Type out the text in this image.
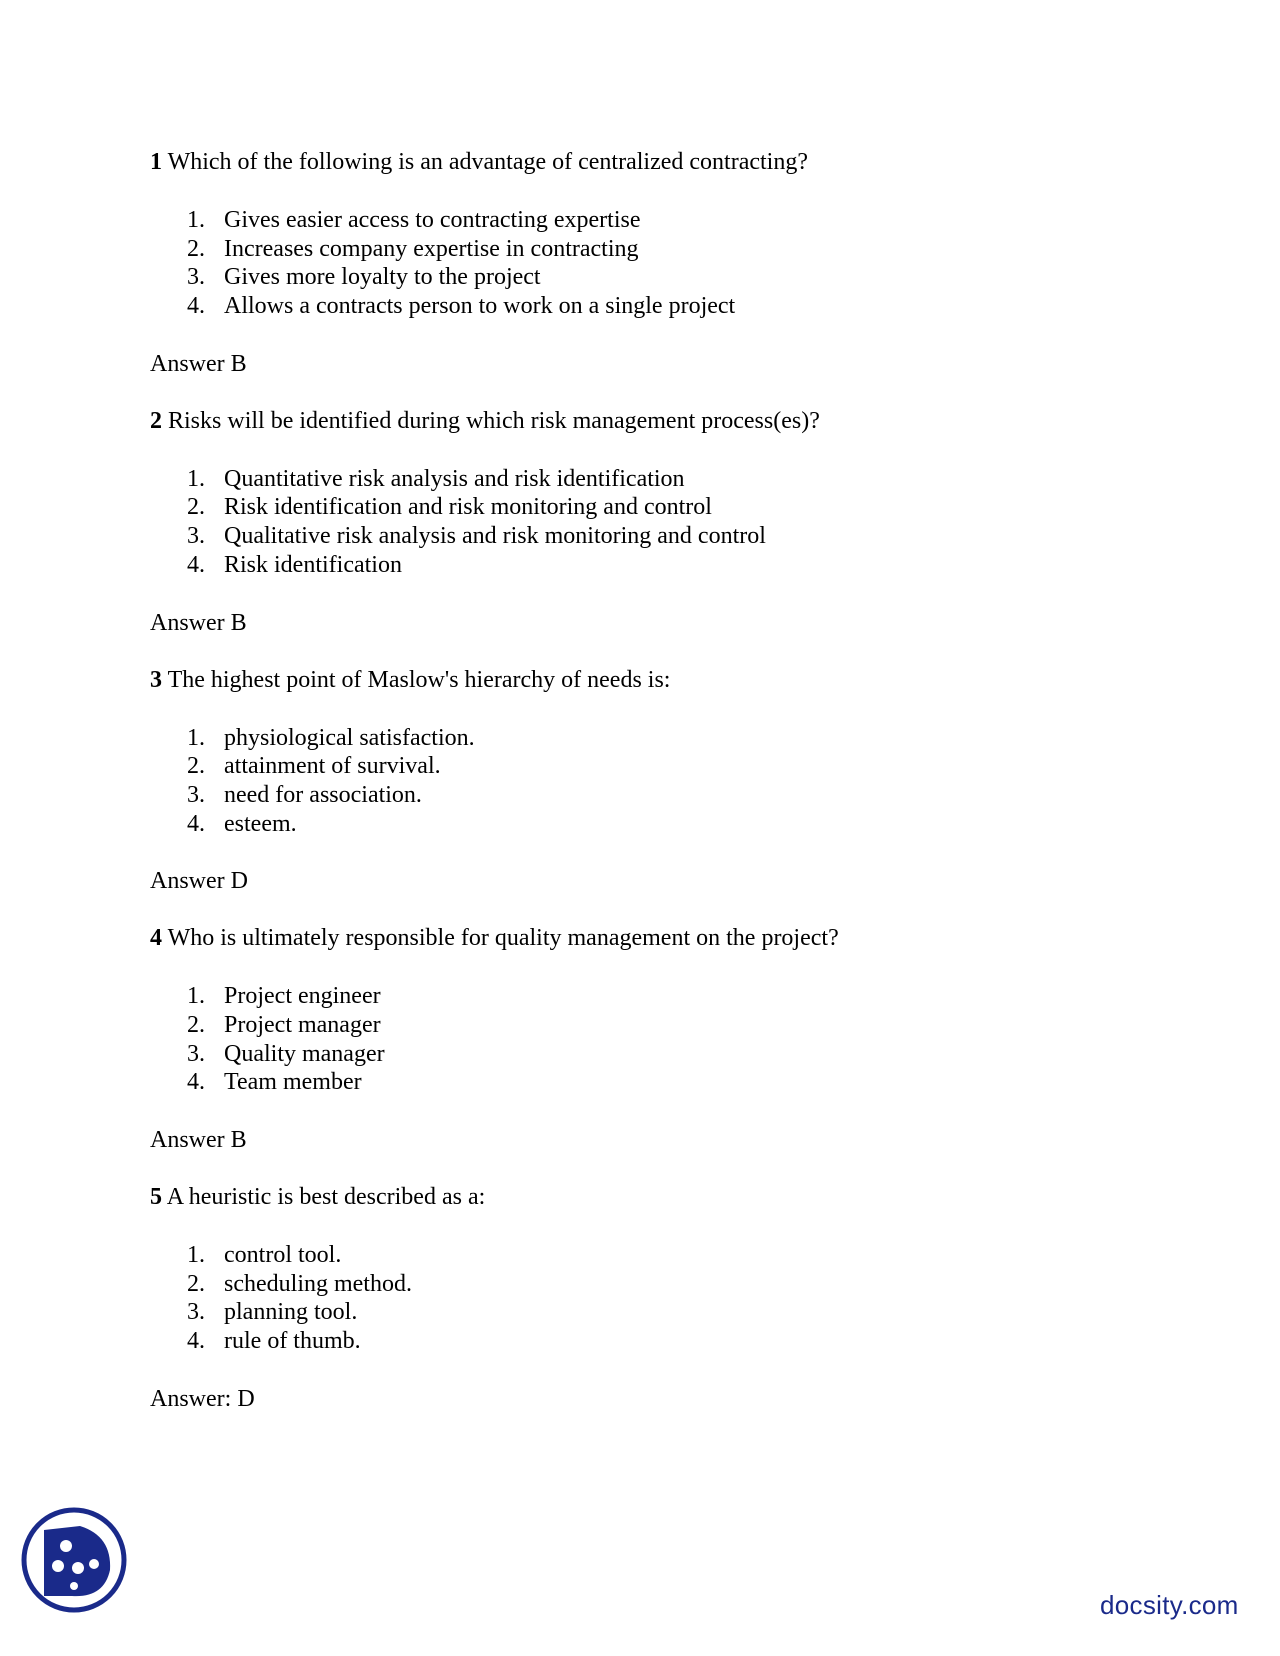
1 Which of the following is an advantage of centralized contracting?

1. Gives easier access to contracting expertise
2. Increases company expertise in contracting
3. Gives more loyalty to the project
4. Allows a contracts person to work on a single project

Answer B

2 Risks will be identified during which risk management process(es)?

1. Quantitative risk analysis and risk identification
2. Risk identification and risk monitoring and control
3. Qualitative risk analysis and risk monitoring and control
4. Risk identification

Answer B

3 The highest point of Maslow's hierarchy of needs is:

1. physiological satisfaction.
2. attainment of survival.
3. need for association.
4. esteem.

Answer D

4 Who is ultimately responsible for quality management on the project?

1. Project engineer
2. Project manager
3. Quality manager
4. Team member

Answer B

5 A heuristic is best described as a:

1. control tool.
2. scheduling method.
3. planning tool.
4. rule of thumb.

Answer: D

docsity.com
